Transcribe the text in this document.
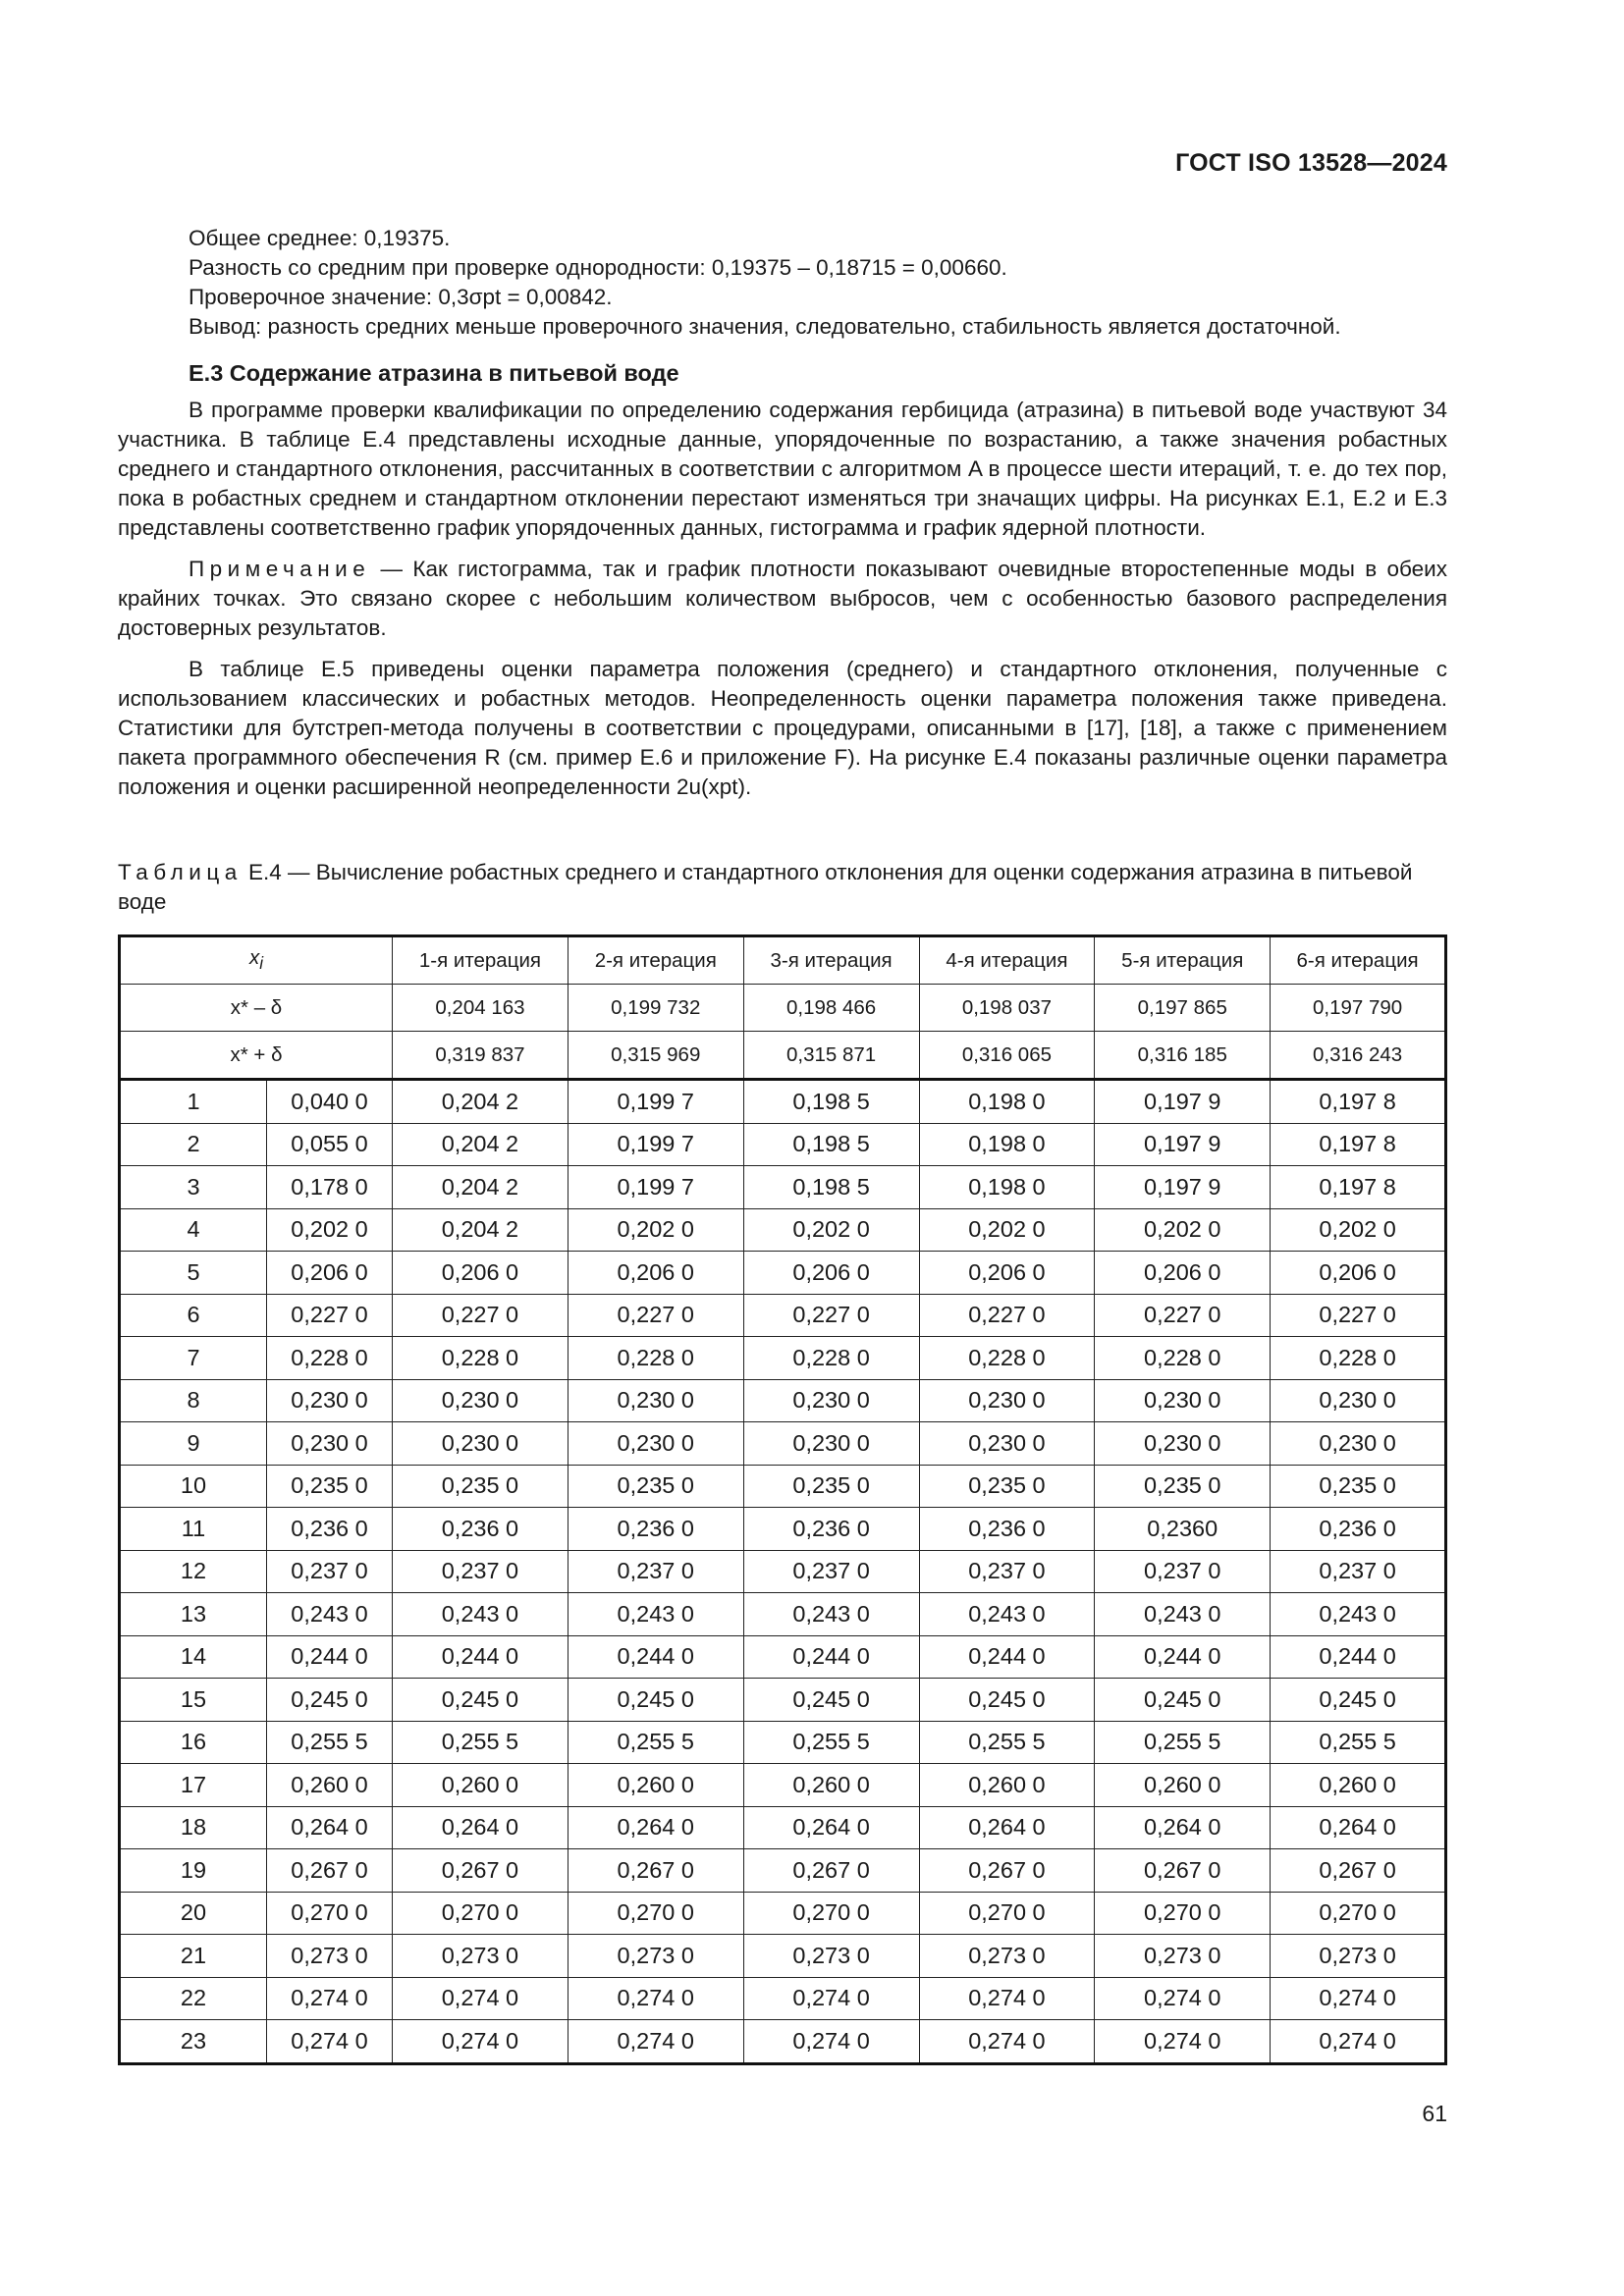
ГОСТ ISO 13528—2024

Общее среднее: 0,19375.

Разность со средним при проверке однородности: 0,19375 – 0,18715 = 0,00660.

Проверочное значение: 0,3σpt = 0,00842.

Вывод: разность средних меньше проверочного значения, следовательно, стабильность является достаточной.

Е.3 Содержание атразина в питьевой воде

В программе проверки квалификации по определению содержания гербицида (атразина) в питьевой воде участвуют 34 участника. В таблице Е.4 представлены исходные данные, упорядоченные по возрастанию, а также значения робастных среднего и стандартного отклонения, рассчитанных в соответствии с алгоритмом A в процессе шести итераций, т. е. до тех пор, пока в робастных среднем и стандартном отклонении перестают изменяться три значащих цифры. На рисунках Е.1, Е.2 и Е.3 представлены соответственно график упорядоченных данных, гистограмма и график ядерной плотности.

Примечание — Как гистограмма, так и график плотности показывают очевидные второстепенные моды в обеих крайних точках. Это связано скорее с небольшим количеством выбросов, чем с особенностью базового распределения достоверных результатов.

В таблице Е.5 приведены оценки параметра положения (среднего) и стандартного отклонения, полученные с использованием классических и робастных методов. Неопределенность оценки параметра положения также приведена. Статистики для бутстреп-метода получены в соответствии с процедурами, описанными в [17], [18], а также с применением пакета программного обеспечения R (см. пример Е.6 и приложение F). На рисунке Е.4 показаны различные оценки параметра положения и оценки расширенной неопределенности 2u(xpt).

Таблица Е.4 — Вычисление робастных среднего и стандартного отклонения для оценки содержания атразина в питьевой воде
$x_i$		1-я итерация	2-я итерация	3-я итерация	4-я итерация	5-я итерация	6-я итерация
x* – δ		0,204 163	0,199 732	0,198 466	0,198 037	0,197 865	0,197 790
x* + δ		0,319 837	0,315 969	0,315 871	0,316 065	0,316 185	0,316 243
1	0,040 0	0,204 2	0,199 7	0,198 5	0,198 0	0,197 9	0,197 8
2	0,055 0	0,204 2	0,199 7	0,198 5	0,198 0	0,197 9	0,197 8
3	0,178 0	0,204 2	0,199 7	0,198 5	0,198 0	0,197 9	0,197 8
4	0,202 0	0,204 2	0,202 0	0,202 0	0,202 0	0,202 0	0,202 0
5	0,206 0	0,206 0	0,206 0	0,206 0	0,206 0	0,206 0	0,206 0
6	0,227 0	0,227 0	0,227 0	0,227 0	0,227 0	0,227 0	0,227 0
7	0,228 0	0,228 0	0,228 0	0,228 0	0,228 0	0,228 0	0,228 0
8	0,230 0	0,230 0	0,230 0	0,230 0	0,230 0	0,230 0	0,230 0
9	0,230 0	0,230 0	0,230 0	0,230 0	0,230 0	0,230 0	0,230 0
10	0,235 0	0,235 0	0,235 0	0,235 0	0,235 0	0,235 0	0,235 0
11	0,236 0	0,236 0	0,236 0	0,236 0	0,236 0	0,2360	0,236 0
12	0,237 0	0,237 0	0,237 0	0,237 0	0,237 0	0,237 0	0,237 0
13	0,243 0	0,243 0	0,243 0	0,243 0	0,243 0	0,243 0	0,243 0
14	0,244 0	0,244 0	0,244 0	0,244 0	0,244 0	0,244 0	0,244 0
15	0,245 0	0,245 0	0,245 0	0,245 0	0,245 0	0,245 0	0,245 0
16	0,255 5	0,255 5	0,255 5	0,255 5	0,255 5	0,255 5	0,255 5
17	0,260 0	0,260 0	0,260 0	0,260 0	0,260 0	0,260 0	0,260 0
18	0,264 0	0,264 0	0,264 0	0,264 0	0,264 0	0,264 0	0,264 0
19	0,267 0	0,267 0	0,267 0	0,267 0	0,267 0	0,267 0	0,267 0
20	0,270 0	0,270 0	0,270 0	0,270 0	0,270 0	0,270 0	0,270 0
21	0,273 0	0,273 0	0,273 0	0,273 0	0,273 0	0,273 0	0,273 0
22	0,274 0	0,274 0	0,274 0	0,274 0	0,274 0	0,274 0	0,274 0
23	0,274 0	0,274 0	0,274 0	0,274 0	0,274 0	0,274 0	0,274 0
61
